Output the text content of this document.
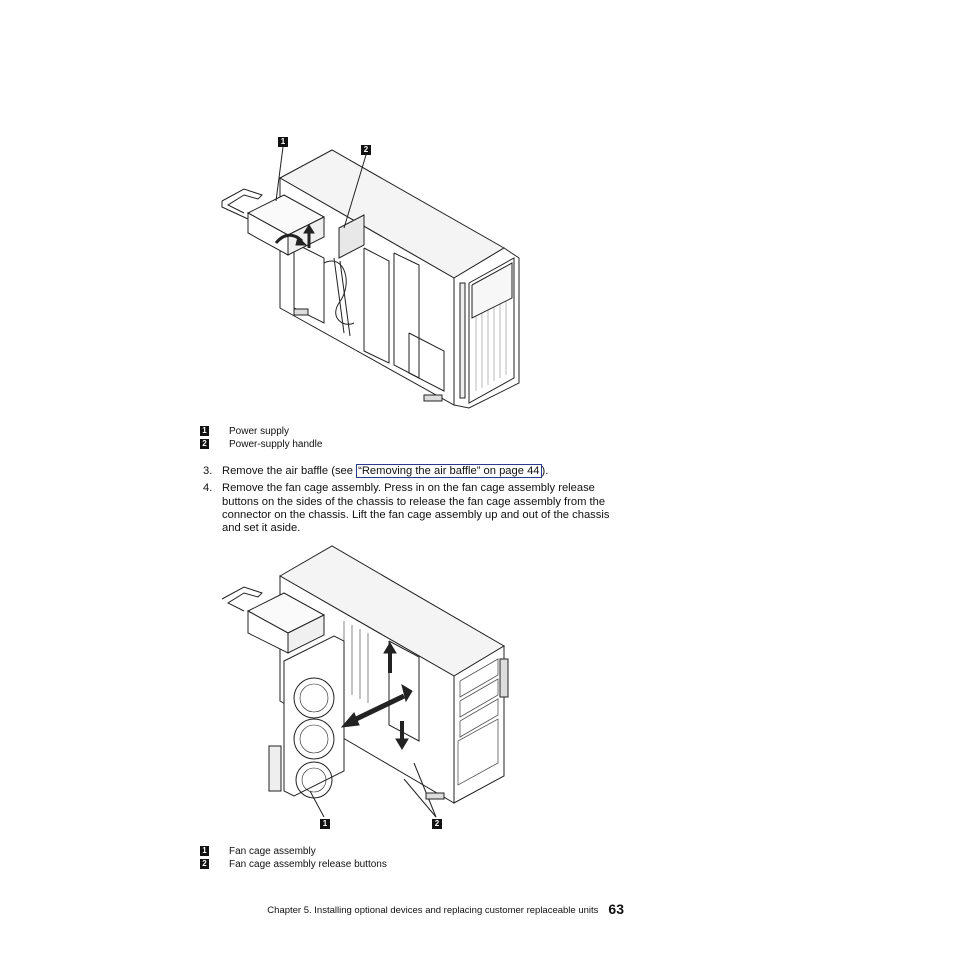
1
2
1 Power supply
2 Power-supply handle
3. Remove the air baffle (see “Removing the air baffle” on page 44 ).
4. Remove the fan cage assembly. Press in on the fan cage assembly release buttons on the sides of the chassis to release the fan cage assembly from the connector on the chassis. Lift the fan cage assembly up and out of the chassis and set it aside.
1	2
1 Fan cage assembly
2 Fan cage assembly release buttons
Chapter 5. Installing optional devices and replacing customer replaceable units 63
